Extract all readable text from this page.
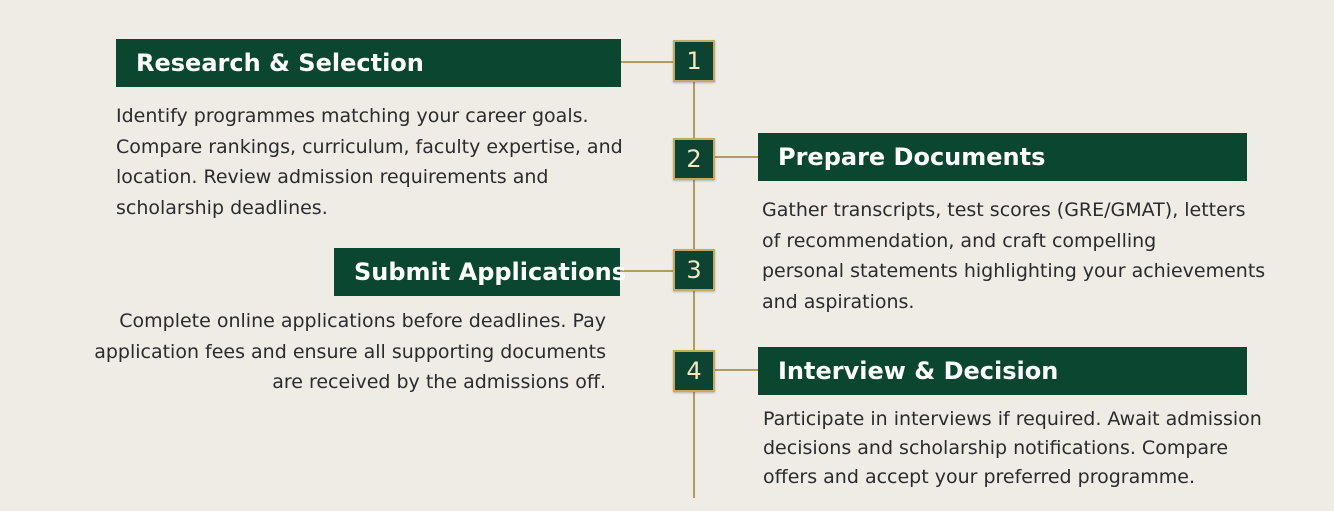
Research & Selection	1
Identify programmes matching your career goals.
Compare rankings, curriculum, faculty expertise, and
location. Review admission requirements and
scholarship deadlines.
Prepare Documents
2
Gather transcripts, test scores (GRE/GMAT), letters
of recommendation, and craft compelling
personal statements highlighting your achievements
and aspirations.
Submit Applications	3
Complete online applications before deadlines. Pay
application fees and ensure all supporting documents
are received by the admissions off.	Interview & Decision
4
Participate in interviews if required. Await admission
decisions and scholarship notifications. Compare
offers and accept your preferred programme.
